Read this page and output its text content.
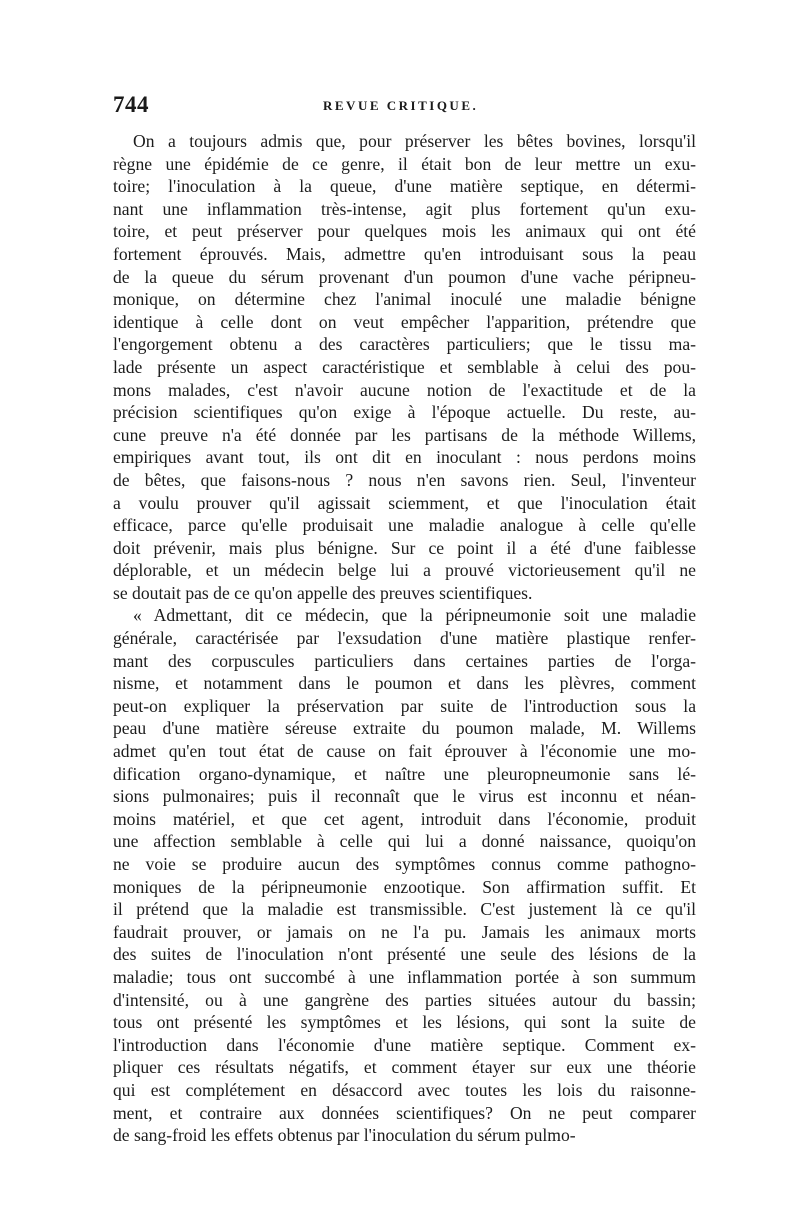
744	REVUE CRITIQUE.
On a toujours admis que, pour préserver les bêtes bovines, lorsqu'il
règne une épidémie de ce genre, il était bon de leur mettre un exu-
toire; l'inoculation à la queue, d'une matière septique, en détermi-
nant une inflammation très-intense, agit plus fortement qu'un exu-
toire, et peut préserver pour quelques mois les animaux qui ont été
fortement éprouvés. Mais, admettre qu'en introduisant sous la peau
de la queue du sérum provenant d'un poumon d'une vache péripneu-
monique, on détermine chez l'animal inoculé une maladie bénigne
identique à celle dont on veut empêcher l'apparition, prétendre que
l'engorgement obtenu a des caractères particuliers; que le tissu ma-
lade présente un aspect caractéristique et semblable à celui des pou-
mons malades, c'est n'avoir aucune notion de l'exactitude et de la
précision scientifiques qu'on exige à l'époque actuelle. Du reste, au-
cune preuve n'a été donnée par les partisans de la méthode Willems,
empiriques avant tout, ils ont dit en inoculant : nous perdons moins
de bêtes, que faisons-nous ? nous n'en savons rien. Seul, l'inventeur
a voulu prouver qu'il agissait sciemment, et que l'inoculation était
efficace, parce qu'elle produisait une maladie analogue à celle qu'elle
doit prévenir, mais plus bénigne. Sur ce point il a été d'une faiblesse
déplorable, et un médecin belge lui a prouvé victorieusement qu'il ne
se doutait pas de ce qu'on appelle des preuves scientifiques.
« Admettant, dit ce médecin, que la péripneumonie soit une maladie
générale, caractérisée par l'exsudation d'une matière plastique renfer-
mant des corpuscules particuliers dans certaines parties de l'orga-
nisme, et notamment dans le poumon et dans les plèvres, comment
peut-on expliquer la préservation par suite de l'introduction sous la
peau d'une matière séreuse extraite du poumon malade, M. Willems
admet qu'en tout état de cause on fait éprouver à l'économie une mo-
dification organo-dynamique, et naître une pleuropneumonie sans lé-
sions pulmonaires; puis il reconnaît que le virus est inconnu et néan-
moins matériel, et que cet agent, introduit dans l'économie, produit
une affection semblable à celle qui lui a donné naissance, quoiqu'on
ne voie se produire aucun des symptômes connus comme pathogno-
moniques de la péripneumonie enzootique. Son affirmation suffit. Et
il prétend que la maladie est transmissible. C'est justement là ce qu'il
faudrait prouver, or jamais on ne l'a pu. Jamais les animaux morts
des suites de l'inoculation n'ont présenté une seule des lésions de la
maladie; tous ont succombé à une inflammation portée à son summum
d'intensité, ou à une gangrène des parties situées autour du bassin;
tous ont présenté les symptômes et les lésions, qui sont la suite de
l'introduction dans l'économie d'une matière septique. Comment ex-
pliquer ces résultats négatifs, et comment étayer sur eux une théorie
qui est complétement en désaccord avec toutes les lois du raisonne-
ment, et contraire aux données scientifiques? On ne peut comparer
de sang-froid les effets obtenus par l'inoculation du sérum pulmo-
